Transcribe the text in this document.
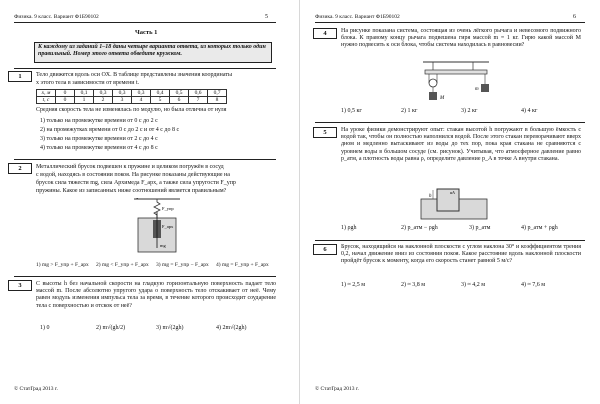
Физика. 9 класс. Вариант Ф1Б90102	5
Часть 1
К каждому из заданий 1–18 даны четыре варианта ответа, из которых только один правильный. Номер этого ответа обведите кружком.
1	Тело движется вдоль оси OX. В таблице представлены значения координаты
x этого тела в зависимости от времени t.
x, м	0	0,1	0,3	0,3	0,3	0,4	0,5	0,6	0,7
t, c	0	1	2	3	4	5	6	7	8
Средняя скорость тела не изменялась по модулю, но была отлична от нуля
1) только на промежутке времени от 0 с до 2 с
2) на промежутках времени от 0 с до 2 с и от 4 с до 8 с
3) только на промежутке времени от 2 с до 4 с
4) только на промежутке времени от 4 с до 8 с
2	Металлический брусок подвешен к пружине и целиком погружён в сосуд
с водой, находясь в состоянии покоя. На рисунке показаны действующие на
брусок сила тяжести mg, сила Архимеда F_арх, а также сила упругости F_упр
пружины. Какое из записанных ниже соотношений является правильным?
F_упр
F_арх
mg
1) mg > F_упр + F_арх 2) mg < F_упр + F_арх 3) mg = F_упр − F_арх 4) mg = F_упр + F_арх
3	С высоты h без начальной скорости на гладкую горизонтальную поверхность падает тело массой m. После абсолютно упругого удара о поверхность тело отскакивает от неё. Чему равен модуль изменения импульса тела за время, в течение которого происходит соударение тела с поверхностью и отскок от неё?
1) 0	2) m√(gh/2)	3) m√(2gh)	4) 2m√(2gh)
© СтатГрад 2013 г.
Физика. 9 класс. Вариант Ф1Б90102	6
4	На рисунке показана система, состоящая из очень лёгкого рычага и невесомого подвижного блока. К правому концу рычага подвешена гиря массой m = 1 кг. Гирю какой массой M нужно подвесить к оси блока, чтобы система находилась в равновесии?
M
m
1) 0,5 кг	2) 1 кг	3) 2 кг	4) 4 кг
5	На уроке физики демонстрируют опыт: стакан высотой h погружают в большую ёмкость с водой так, чтобы он полностью наполнился водой. После этого стакан переворачивают вверх дном и медленно вытаскивают из воды до тех пор, пока края стакана не сравняются с уровнем воды в большом сосуде (см. рисунок). Учитывая, что атмосферное давление равно p_атм, а плотность воды равна ρ, определите давление p_A в точке A внутри стакана.
h
A
1) ρgh	2) p_атм − ρgh	3) p_атм	4) p_атм + ρgh
6	Брусок, находящийся на наклонной плоскости с углом наклона 30° и коэффициентом трения 0,2, начал движение вниз из состояния покоя. Какое расстояние вдоль наклонной плоскости пройдёт брусок к моменту, когда его скорость станет равной 5 м/с?
1) ≈ 2,5 м	2) ≈ 3,8 м	3) ≈ 4,2 м	4) ≈ 7,6 м
© СтатГрад 2013 г.
